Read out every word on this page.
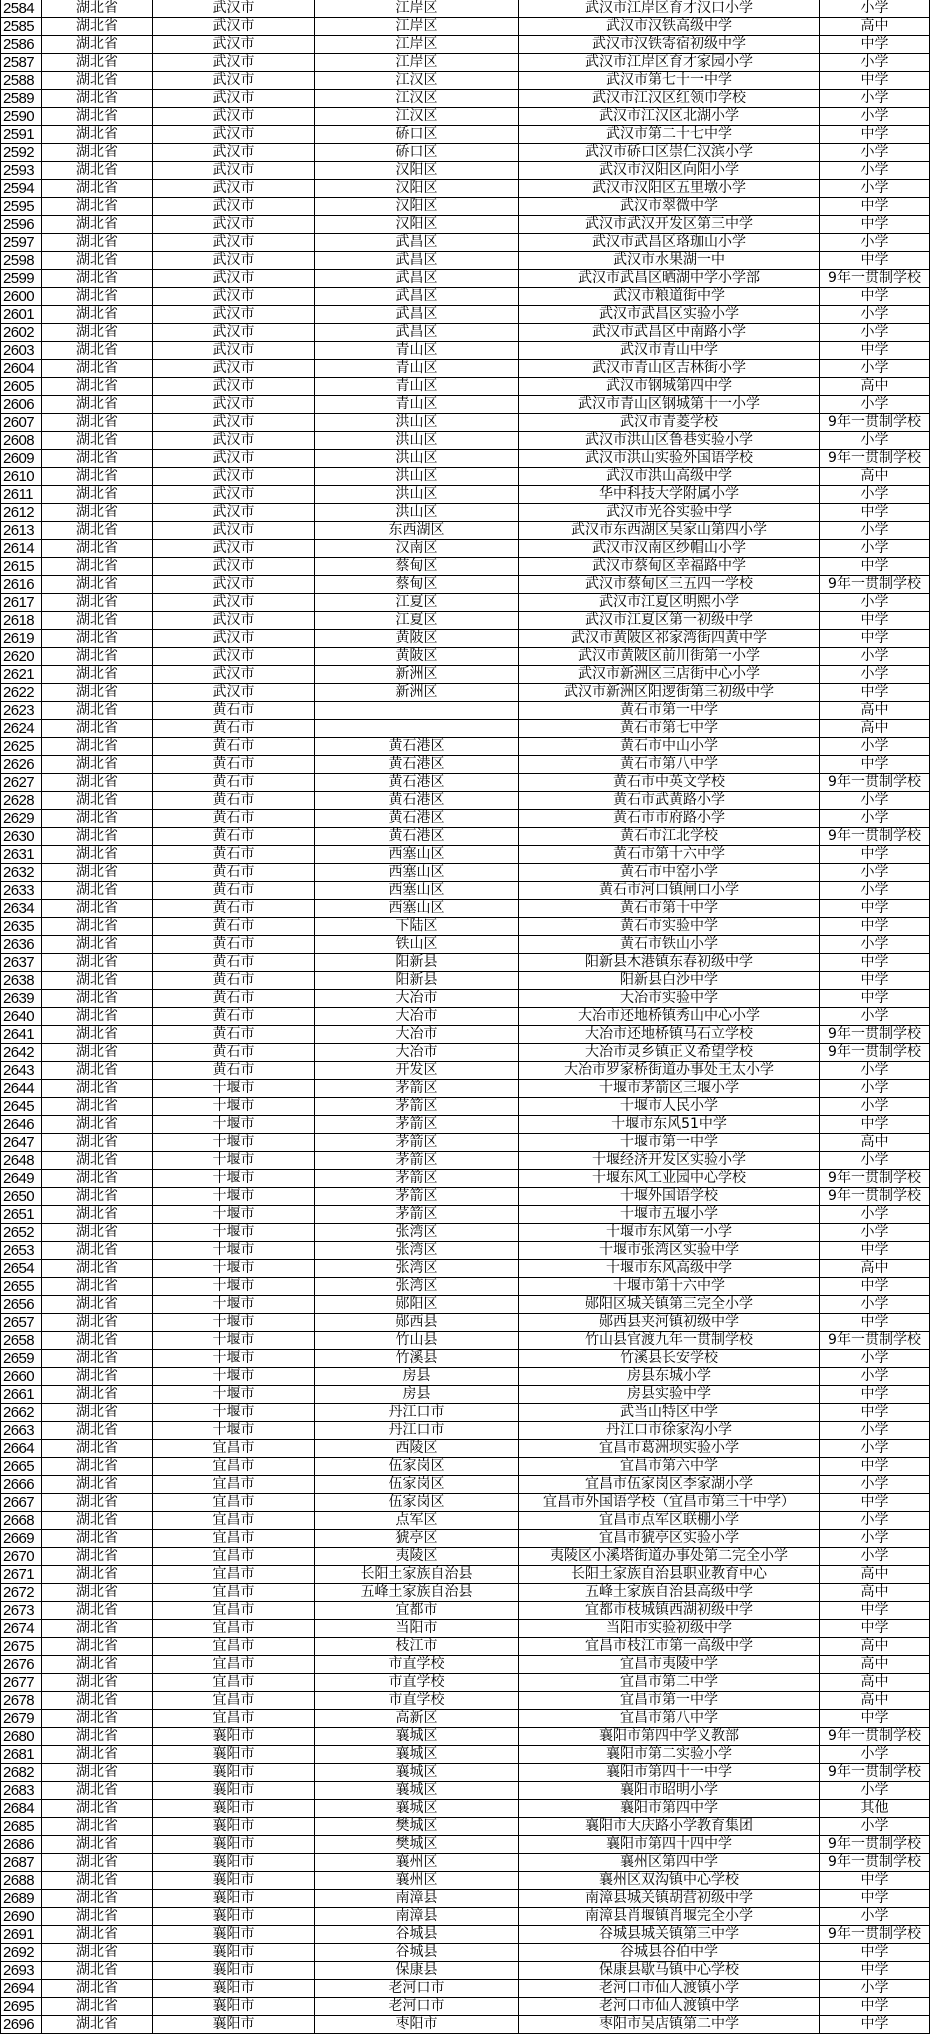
2584	湖北省	武汉市	江岸区	武汉市江岸区育才汉口小学	小学
2585	湖北省	武汉市	江岸区	武汉市汉铁高级中学	高中
2586	湖北省	武汉市	江岸区	武汉市汉铁寄宿初级中学	中学
2587	湖北省	武汉市	江岸区	武汉市江岸区育才家园小学	小学
2588	湖北省	武汉市	江汉区	武汉市第七十一中学	中学
2589	湖北省	武汉市	江汉区	武汉市江汉区红领巾学校	小学
2590	湖北省	武汉市	江汉区	武汉市江汉区北湖小学	小学
2591	湖北省	武汉市	硚口区	武汉市第二十七中学	中学
2592	湖北省	武汉市	硚口区	武汉市硚口区崇仁汉滨小学	小学
2593	湖北省	武汉市	汉阳区	武汉市汉阳区向阳小学	小学
2594	湖北省	武汉市	汉阳区	武汉市汉阳区五里墩小学	小学
2595	湖北省	武汉市	汉阳区	武汉市翠微中学	中学
2596	湖北省	武汉市	汉阳区	武汉市武汉开发区第三中学	中学
2597	湖北省	武汉市	武昌区	武汉市武昌区珞珈山小学	小学
2598	湖北省	武汉市	武昌区	武汉市水果湖一中	中学
2599	湖北省	武汉市	武昌区	武汉市武昌区晒湖中学小学部	9年一贯制学校
2600	湖北省	武汉市	武昌区	武汉市粮道街中学	中学
2601	湖北省	武汉市	武昌区	武汉市武昌区实验小学	小学
2602	湖北省	武汉市	武昌区	武汉市武昌区中南路小学	小学
2603	湖北省	武汉市	青山区	武汉市青山中学	中学
2604	湖北省	武汉市	青山区	武汉市青山区吉林街小学	小学
2605	湖北省	武汉市	青山区	武汉市钢城第四中学	高中
2606	湖北省	武汉市	青山区	武汉市青山区钢城第十一小学	小学
2607	湖北省	武汉市	洪山区	武汉市青菱学校	9年一贯制学校
2608	湖北省	武汉市	洪山区	武汉市洪山区鲁巷实验小学	小学
2609	湖北省	武汉市	洪山区	武汉市洪山实验外国语学校	9年一贯制学校
2610	湖北省	武汉市	洪山区	武汉市洪山高级中学	高中
2611	湖北省	武汉市	洪山区	华中科技大学附属小学	小学
2612	湖北省	武汉市	洪山区	武汉市光谷实验中学	中学
2613	湖北省	武汉市	东西湖区	武汉市东西湖区吴家山第四小学	小学
2614	湖北省	武汉市	汉南区	武汉市汉南区纱帽山小学	小学
2615	湖北省	武汉市	蔡甸区	武汉市蔡甸区幸福路中学	中学
2616	湖北省	武汉市	蔡甸区	武汉市蔡甸区三五四一学校	9年一贯制学校
2617	湖北省	武汉市	江夏区	武汉市江夏区明熙小学	小学
2618	湖北省	武汉市	江夏区	武汉市江夏区第一初级中学	中学
2619	湖北省	武汉市	黄陂区	武汉市黄陂区祁家湾街四黄中学	中学
2620	湖北省	武汉市	黄陂区	武汉市黄陂区前川街第一小学	小学
2621	湖北省	武汉市	新洲区	武汉市新洲区三店街中心小学	小学
2622	湖北省	武汉市	新洲区	武汉市新洲区阳逻街第三初级中学	中学
2623	湖北省	黄石市		黄石市第一中学	高中
2624	湖北省	黄石市		黄石市第七中学	高中
2625	湖北省	黄石市	黄石港区	黄石市中山小学	小学
2626	湖北省	黄石市	黄石港区	黄石市第八中学	中学
2627	湖北省	黄石市	黄石港区	黄石市中英文学校	9年一贯制学校
2628	湖北省	黄石市	黄石港区	黄石市武黄路小学	小学
2629	湖北省	黄石市	黄石港区	黄石市市府路小学	小学
2630	湖北省	黄石市	黄石港区	黄石市江北学校	9年一贯制学校
2631	湖北省	黄石市	西塞山区	黄石市第十六中学	中学
2632	湖北省	黄石市	西塞山区	黄石市中窑小学	小学
2633	湖北省	黄石市	西塞山区	黄石市河口镇闸口小学	小学
2634	湖北省	黄石市	西塞山区	黄石市第十中学	中学
2635	湖北省	黄石市	下陆区	黄石市实验中学	中学
2636	湖北省	黄石市	铁山区	黄石市铁山小学	小学
2637	湖北省	黄石市	阳新县	阳新县木港镇东春初级中学	中学
2638	湖北省	黄石市	阳新县	阳新县白沙中学	中学
2639	湖北省	黄石市	大冶市	大冶市实验中学	中学
2640	湖北省	黄石市	大冶市	大冶市还地桥镇秀山中心小学	小学
2641	湖北省	黄石市	大冶市	大冶市还地桥镇马石立学校	9年一贯制学校
2642	湖北省	黄石市	大冶市	大冶市灵乡镇正义希望学校	9年一贯制学校
2643	湖北省	黄石市	开发区	大冶市罗家桥街道办事处王太小学	小学
2644	湖北省	十堰市	茅箭区	十堰市茅箭区三堰小学	小学
2645	湖北省	十堰市	茅箭区	十堰市人民小学	小学
2646	湖北省	十堰市	茅箭区	十堰市东风51中学	中学
2647	湖北省	十堰市	茅箭区	十堰市第一中学	高中
2648	湖北省	十堰市	茅箭区	十堰经济开发区实验小学	小学
2649	湖北省	十堰市	茅箭区	十堰东风工业园中心学校	9年一贯制学校
2650	湖北省	十堰市	茅箭区	十堰外国语学校	9年一贯制学校
2651	湖北省	十堰市	茅箭区	十堰市五堰小学	小学
2652	湖北省	十堰市	张湾区	十堰市东风第一小学	小学
2653	湖北省	十堰市	张湾区	十堰市张湾区实验中学	中学
2654	湖北省	十堰市	张湾区	十堰市东风高级中学	高中
2655	湖北省	十堰市	张湾区	十堰市第十六中学	中学
2656	湖北省	十堰市	郧阳区	郧阳区城关镇第三完全小学	小学
2657	湖北省	十堰市	郧西县	郧西县夹河镇初级中学	中学
2658	湖北省	十堰市	竹山县	竹山县官渡九年一贯制学校	9年一贯制学校
2659	湖北省	十堰市	竹溪县	竹溪县长安学校	小学
2660	湖北省	十堰市	房县	房县东城小学	小学
2661	湖北省	十堰市	房县	房县实验中学	中学
2662	湖北省	十堰市	丹江口市	武当山特区中学	中学
2663	湖北省	十堰市	丹江口市	丹江口市徐家沟小学	小学
2664	湖北省	宜昌市	西陵区	宜昌市葛洲坝实验小学	小学
2665	湖北省	宜昌市	伍家岗区	宜昌市第六中学	中学
2666	湖北省	宜昌市	伍家岗区	宜昌市伍家岗区李家湖小学	小学
2667	湖北省	宜昌市	伍家岗区	宜昌市外国语学校（宜昌市第三十中学）	中学
2668	湖北省	宜昌市	点军区	宜昌市点军区联棚小学	小学
2669	湖北省	宜昌市	猇亭区	宜昌市猇亭区实验小学	小学
2670	湖北省	宜昌市	夷陵区	夷陵区小溪塔街道办事处第二完全小学	小学
2671	湖北省	宜昌市	长阳土家族自治县	长阳土家族自治县职业教育中心	高中
2672	湖北省	宜昌市	五峰土家族自治县	五峰土家族自治县高级中学	高中
2673	湖北省	宜昌市	宜都市	宜都市枝城镇西湖初级中学	中学
2674	湖北省	宜昌市	当阳市	当阳市实验初级中学	中学
2675	湖北省	宜昌市	枝江市	宜昌市枝江市第一高级中学	高中
2676	湖北省	宜昌市	市直学校	宜昌市夷陵中学	高中
2677	湖北省	宜昌市	市直学校	宜昌市第二中学	高中
2678	湖北省	宜昌市	市直学校	宜昌市第一中学	高中
2679	湖北省	宜昌市	高新区	宜昌市第八中学	中学
2680	湖北省	襄阳市	襄城区	襄阳市第四中学义教部	9年一贯制学校
2681	湖北省	襄阳市	襄城区	襄阳市第二实验小学	小学
2682	湖北省	襄阳市	襄城区	襄阳市第四十一中学	9年一贯制学校
2683	湖北省	襄阳市	襄城区	襄阳市昭明小学	小学
2684	湖北省	襄阳市	襄城区	襄阳市第四中学	其他
2685	湖北省	襄阳市	樊城区	襄阳市大庆路小学教育集团	小学
2686	湖北省	襄阳市	樊城区	襄阳市第四十四中学	9年一贯制学校
2687	湖北省	襄阳市	襄州区	襄州区第四中学	9年一贯制学校
2688	湖北省	襄阳市	襄州区	襄州区双沟镇中心学校	中学
2689	湖北省	襄阳市	南漳县	南漳县城关镇胡营初级中学	中学
2690	湖北省	襄阳市	南漳县	南漳县肖堰镇肖堰完全小学	小学
2691	湖北省	襄阳市	谷城县	谷城县城关镇第三中学	9年一贯制学校
2692	湖北省	襄阳市	谷城县	谷城县谷伯中学	中学
2693	湖北省	襄阳市	保康县	保康县歇马镇中心学校	中学
2694	湖北省	襄阳市	老河口市	老河口市仙人渡镇小学	小学
2695	湖北省	襄阳市	老河口市	老河口市仙人渡镇中学	中学
2696	湖北省	襄阳市	枣阳市	枣阳市吴店镇第二中学	中学
